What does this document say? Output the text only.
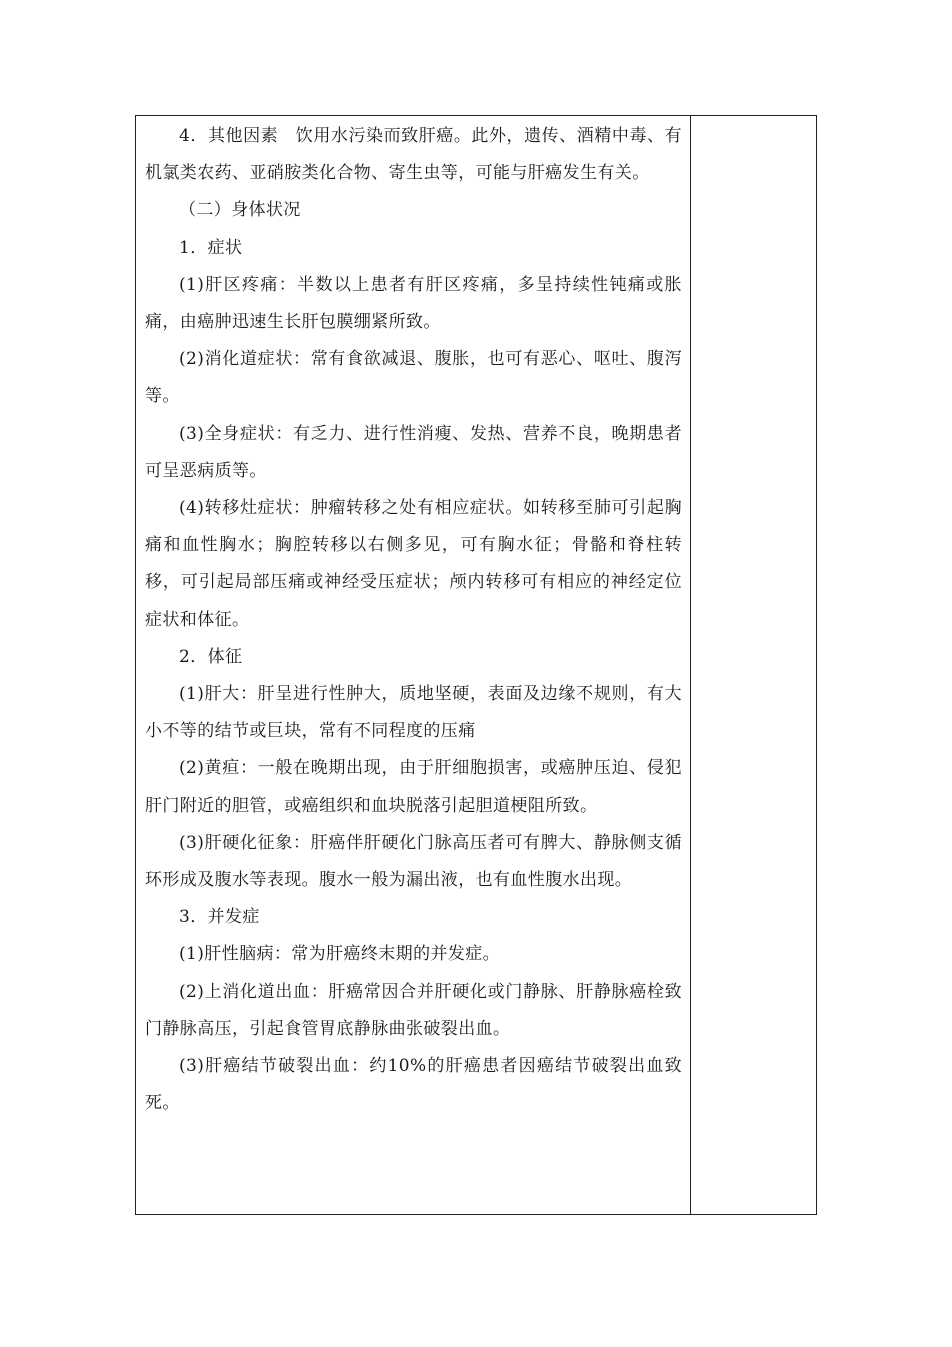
4．其他因素　饮用水污染而致肝癌。此外，遗传、酒精中毒、有机氯类农药、亚硝胺类化合物、寄生虫等，可能与肝癌发生有关。

（二）身体状况

1．症状

(1)肝区疼痛：半数以上患者有肝区疼痛，多呈持续性钝痛或胀痛，由癌肿迅速生长肝包膜绷紧所致。

(2)消化道症状：常有食欲减退、腹胀，也可有恶心、呕吐、腹泻等。

(3)全身症状：有乏力、进行性消瘦、发热、营养不良，晚期患者可呈恶病质等。

(4)转移灶症状：肿瘤转移之处有相应症状。如转移至肺可引起胸痛和血性胸水；胸腔转移以右侧多见，可有胸水征；骨骼和脊柱转移，可引起局部压痛或神经受压症状；颅内转移可有相应的神经定位症状和体征。

2．体征

(1)肝大：肝呈进行性肿大，质地坚硬，表面及边缘不规则，有大小不等的结节或巨块，常有不同程度的压痛

(2)黄疸：一般在晚期出现，由于肝细胞损害，或癌肿压迫、侵犯肝门附近的胆管，或癌组织和血块脱落引起胆道梗阻所致。

(3)肝硬化征象：肝癌伴肝硬化门脉高压者可有脾大、静脉侧支循环形成及腹水等表现。腹水一般为漏出液，也有血性腹水出现。

3．并发症

(1)肝性脑病：常为肝癌终末期的并发症。

(2)上消化道出血：肝癌常因合并肝硬化或门静脉、肝静脉癌栓致门静脉高压，引起食管胃底静脉曲张破裂出血。

(3)肝癌结节破裂出血：约10%的肝癌患者因癌结节破裂出血致死。
